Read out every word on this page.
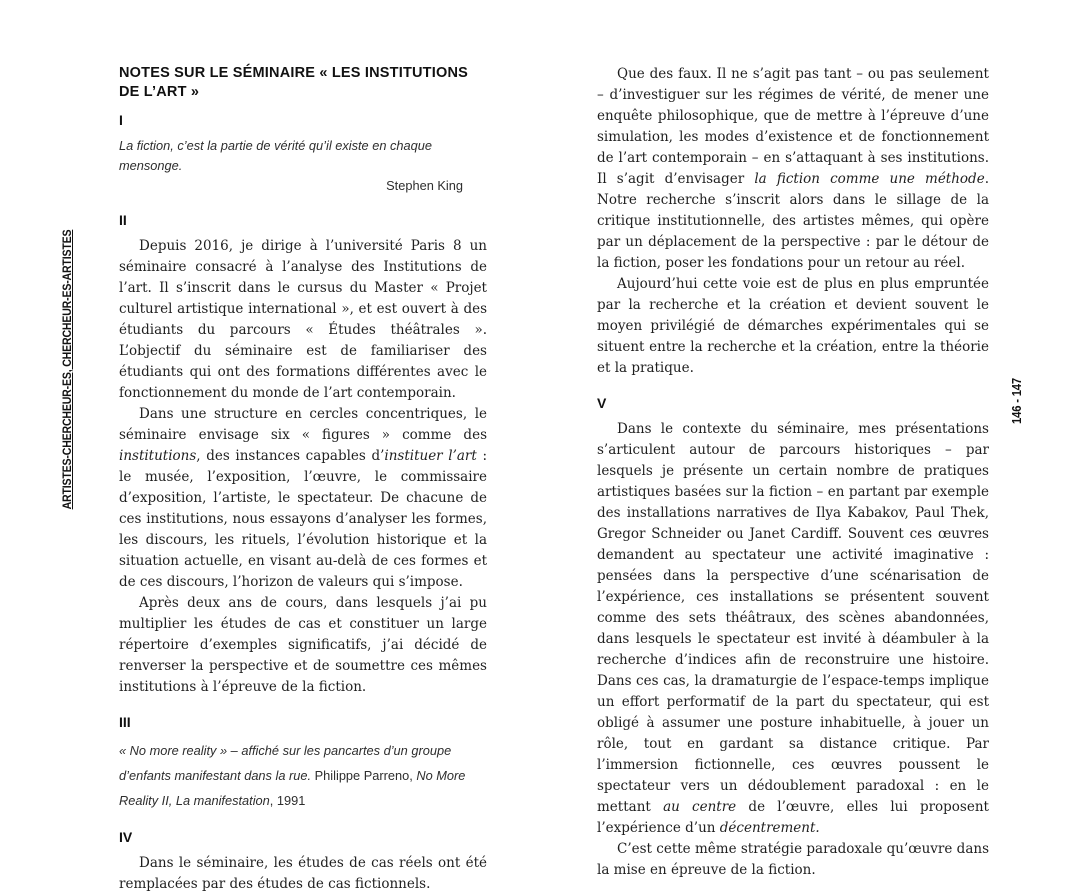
ARTISTES-CHERCHEUR-ES, CHERCHEUR-ES-ARTISTES	146 - 147
NOTES SUR LE SÉMINAIRE « LES INSTITUTIONS DE L’ART »
I

La fiction, c’est la partie de vérité qu’il existe en chaque mensonge.

Stephen King

II

Depuis 2016, je dirige à l’université Paris 8 un séminaire consacré à l’analyse des Institutions de l’art. Il s’inscrit dans le cursus du Master « Projet culturel artistique international », et est ouvert à des étudiants du parcours « Études théâtrales ». L’objectif du séminaire est de familiariser des étudiants qui ont des formations différentes avec le fonctionnement du monde de l’art contemporain.

Dans une structure en cercles concentriques, le séminaire envisage six « figures » comme des institutions, des instances capables d’instituer l’art : le musée, l’exposition, l’œuvre, le commissaire d’exposition, l’artiste, le spectateur. De chacune de ces institutions, nous essayons d’analyser les formes, les discours, les rituels, l’évolution historique et la situation actuelle, en visant au-delà de ces formes et de ces discours, l’horizon de valeurs qui s’impose.

Après deux ans de cours, dans lesquels j’ai pu multiplier les études de cas et constituer un large répertoire d’exemples significatifs, j’ai décidé de renverser la perspective et de soumettre ces mêmes institutions à l’épreuve de la fiction.

III

« No more reality » – affiché sur les pancartes d’un groupe d’enfants manifestant dans la rue. Philippe Parreno, No More Reality II, La manifestation, 1991

IV

Dans le séminaire, les études de cas réels ont été remplacées par des études de cas fictionnels.

Que des faux. Il ne s’agit pas tant – ou pas seulement – d’investiguer sur les régimes de vérité, de mener une enquête philosophique, que de mettre à l’épreuve d’une simulation, les modes d’existence et de fonctionnement de l’art contemporain – en s’attaquant à ses institutions. Il s’agit d’envisager la fiction comme une méthode. Notre recherche s’inscrit alors dans le sillage de la critique institutionnelle, des artistes mêmes, qui opère par un déplacement de la perspective : par le détour de la fiction, poser les fondations pour un retour au réel.

Aujourd’hui cette voie est de plus en plus empruntée par la recherche et la création et devient souvent le moyen privilégié de démarches expérimentales qui se situent entre la recherche et la création, entre la théorie et la pratique.

V

Dans le contexte du séminaire, mes présentations s’articulent autour de parcours historiques – par lesquels je présente un certain nombre de pratiques artistiques basées sur la fiction – en partant par exemple des installations narratives de Ilya Kabakov, Paul Thek, Gregor Schneider ou Janet Cardiff. Souvent ces œuvres demandent au spectateur une activité imaginative : pensées dans la perspective d’une scénarisation de l’expérience, ces installations se présentent souvent comme des sets théâtraux, des scènes abandonnées, dans lesquels le spectateur est invité à déambuler à la recherche d’indices afin de reconstruire une histoire. Dans ces cas, la dramaturgie de l’espace-temps implique un effort performatif de la part du spectateur, qui est obligé à assumer une posture inhabituelle, à jouer un rôle, tout en gardant sa distance critique. Par l’immersion fictionnelle, ces œuvres poussent le spectateur vers un dédoublement paradoxal : en le mettant au centre de l’œuvre, elles lui proposent l’expérience d’un décentrement.

C’est cette même stratégie paradoxale qu’œuvre dans la mise en épreuve de la fiction.
